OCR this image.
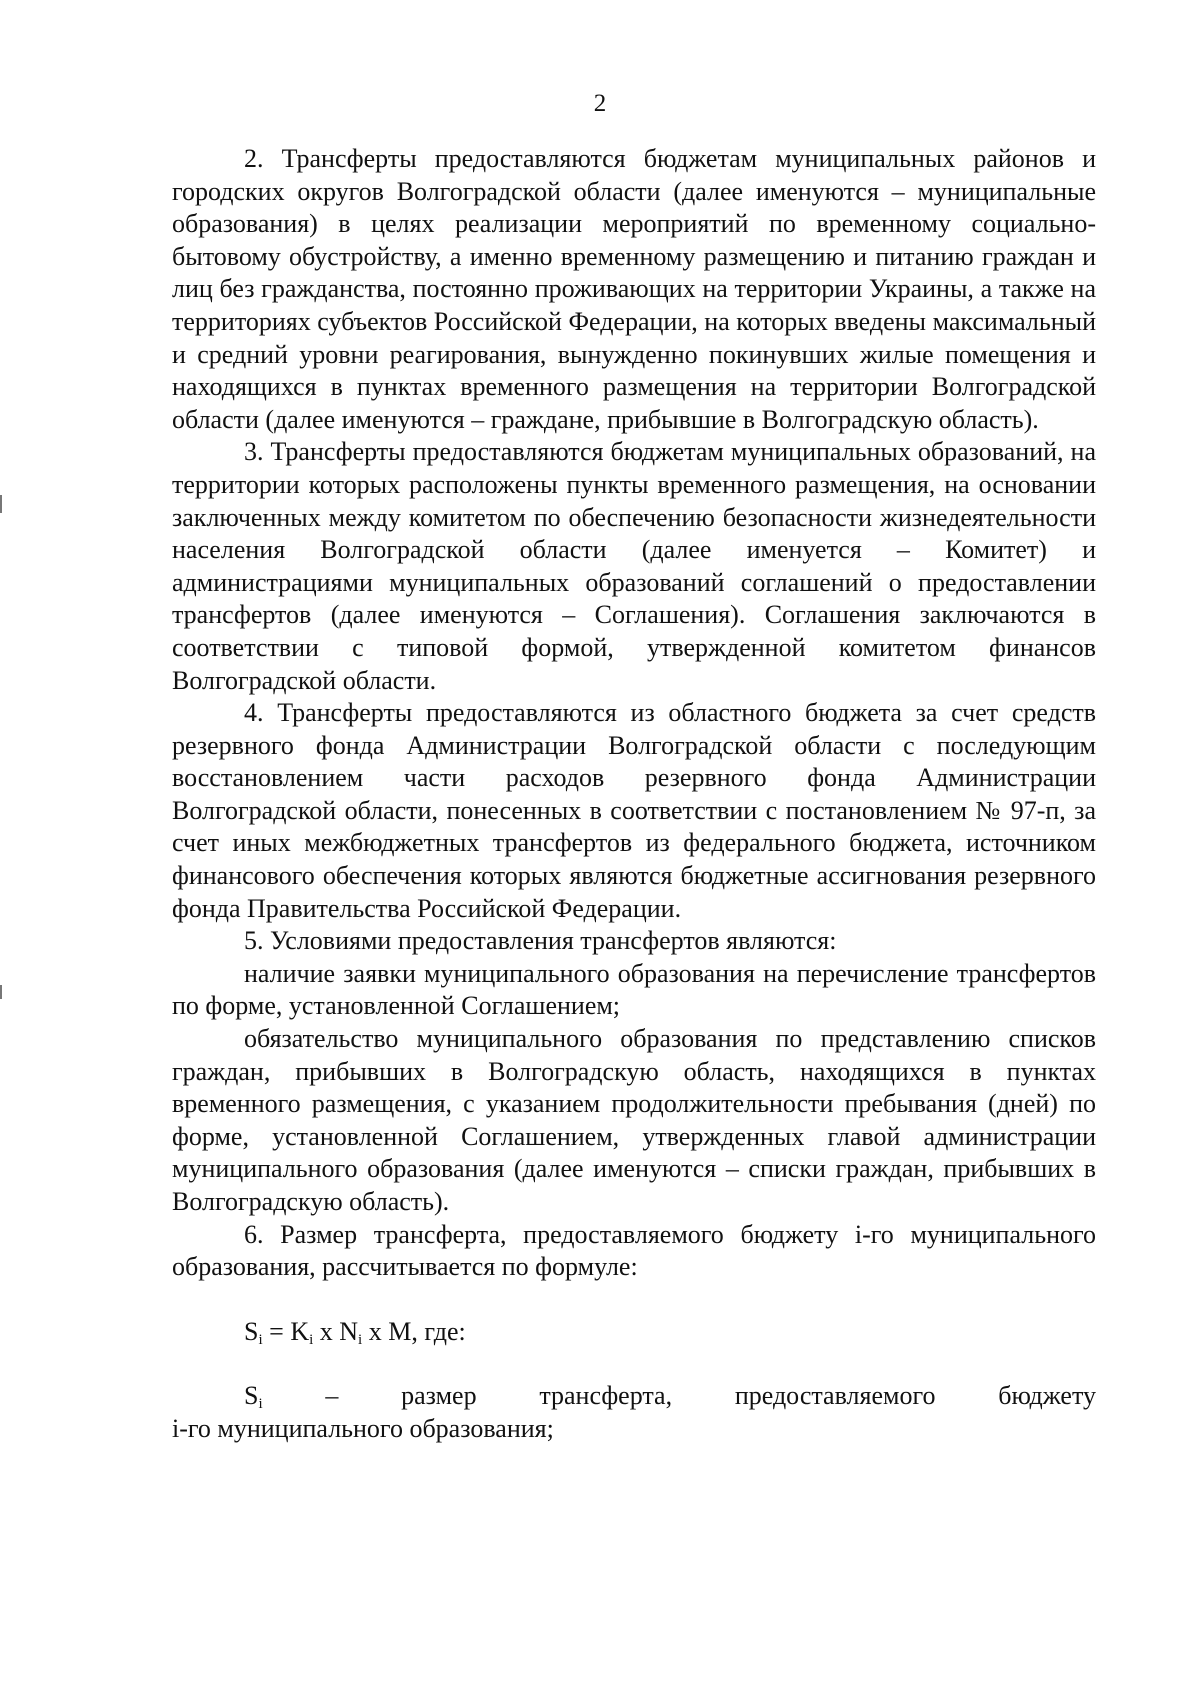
2

2. Трансферты предоставляются бюджетам муниципальных районов и городских округов Волгоградской области (далее именуются – муниципальные образования) в целях реализации мероприятий по временному социально-бытовому обустройству, а именно временному размещению и питанию граждан и лиц без гражданства, постоянно проживающих на территории Украины, а также на территориях субъектов Российской Федерации, на которых введены максимальный и средний уровни реагирования, вынужденно покинувших жилые помещения и находящихся в пунктах временного размещения на территории Волгоградской области (далее именуются – граждане, прибывшие в Волгоградскую область).

3. Трансферты предоставляются бюджетам муниципальных образований, на территории которых расположены пункты временного размещения, на основании заключенных между комитетом по обеспечению безопасности жизнедеятельности населения Волгоградской области (далее именуется – Комитет) и администрациями муниципальных образований соглашений о предоставлении трансфертов (далее именуются – Соглашения). Соглашения заключаются в соответствии с типовой формой, утвержденной комитетом финансов Волгоградской области.

4. Трансферты предоставляются из областного бюджета за счет средств резервного фонда Администрации Волгоградской области с последующим восстановлением части расходов резервного фонда Администрации Волгоградской области, понесенных в соответствии с постановлением № 97-п, за счет иных межбюджетных трансфертов из федерального бюджета, источником финансового обеспечения которых являются бюджетные ассигнования резервного фонда Правительства Российской Федерации.

5. Условиями предоставления трансфертов являются:

наличие заявки муниципального образования на перечисление трансфертов по форме, установленной Соглашением;

обязательство муниципального образования по представлению списков граждан, прибывших в Волгоградскую область, находящихся в пунктах временного размещения, с указанием продолжительности пребывания (дней) по форме, установленной Соглашением, утвержденных главой администрации муниципального образования (далее именуются – списки граждан, прибывших в Волгоградскую область).

6. Размер трансферта, предоставляемого бюджету i-го муниципального образования, рассчитывается по формуле:

$S_i = K_i$ x $N_i$ x M, где:

$S_i$ – размер трансферта, предоставляемого бюджету
i-го муниципального образования;
